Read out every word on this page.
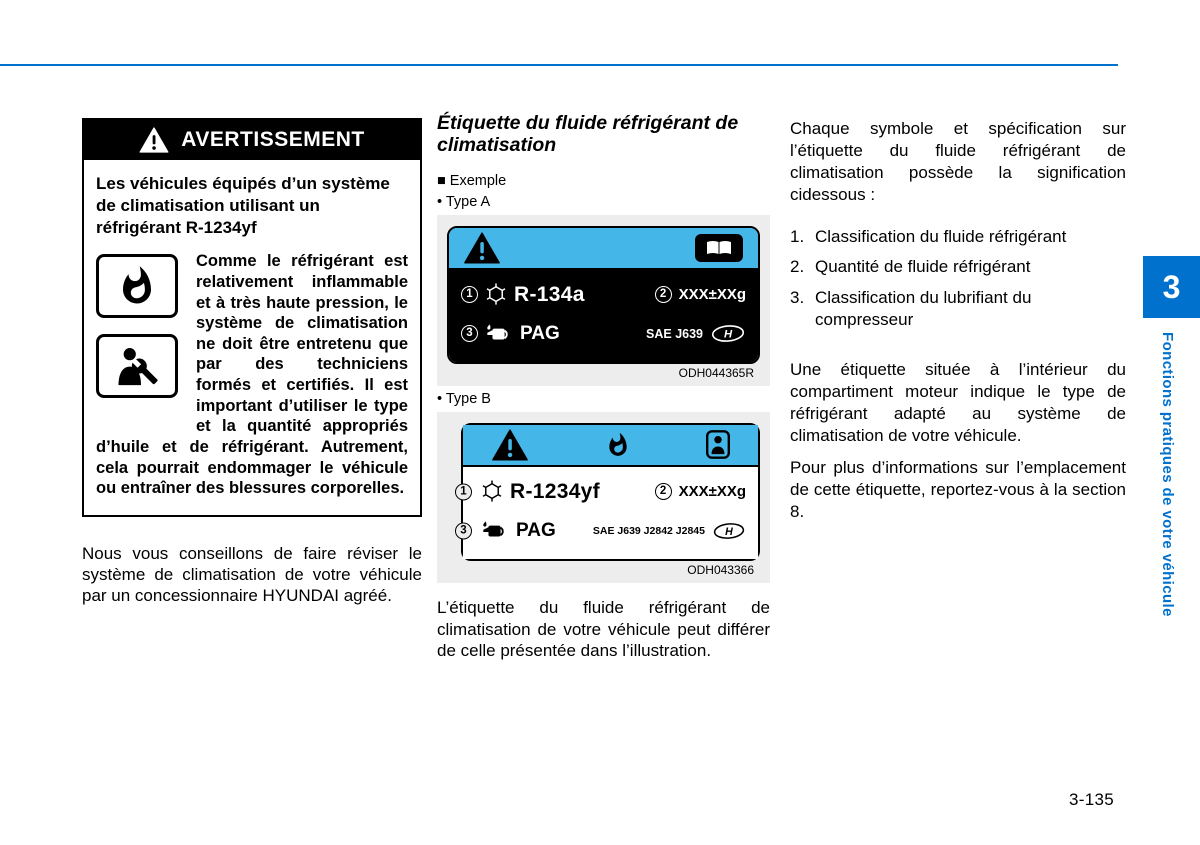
3
Fonctions pratiques de votre véhicule
3-135
AVERTISSEMENT

Les véhicules équipés d’un système de climatisation utilisant un réfrigérant R-1234yf

Comme le réfrigérant est relativement inflammable et à très haute pression, le système de climatisation ne doit être entretenu que par des techniciens formés et certifiés. Il est important d’utiliser le type et la quantité appropriés d’huile et de réfrigérant. Autrement, cela pourrait endommager le véhicule ou entraîner des blessures corporelles.

Nous vous conseillons de faire réviser le système de climatisation de votre véhicule par un concessionnaire HYUNDAI agréé.

Étiquette du fluide réfrigérant de climatisation
■ Exemple
• Type A
1 R-134a	2 XXX±XXg
3 PAG	SAE J639 H
ODH044365R
• Type B
1 R-1234yf	2 XXX±XXg
3	PAG	SAE J639 J2842 J2845 H
ODH043366

L’étiquette du fluide réfrigérant de climatisation de votre véhicule peut différer de celle présentée dans l’illustration.

Chaque symbole et spécification sur l’étiquette du fluide réfrigérant de climatisation possède la signification cidessous :

1. Classification du fluide réfrigérant
2. Quantité de fluide réfrigérant
3. Classification du lubrifiant du compresseur

Une étiquette située à l’intérieur du compartiment moteur indique le type de réfrigérant adapté au système de climatisation de votre véhicule.

Pour plus d’informations sur l’emplacement de cette étiquette, reportez-vous à la section 8.
